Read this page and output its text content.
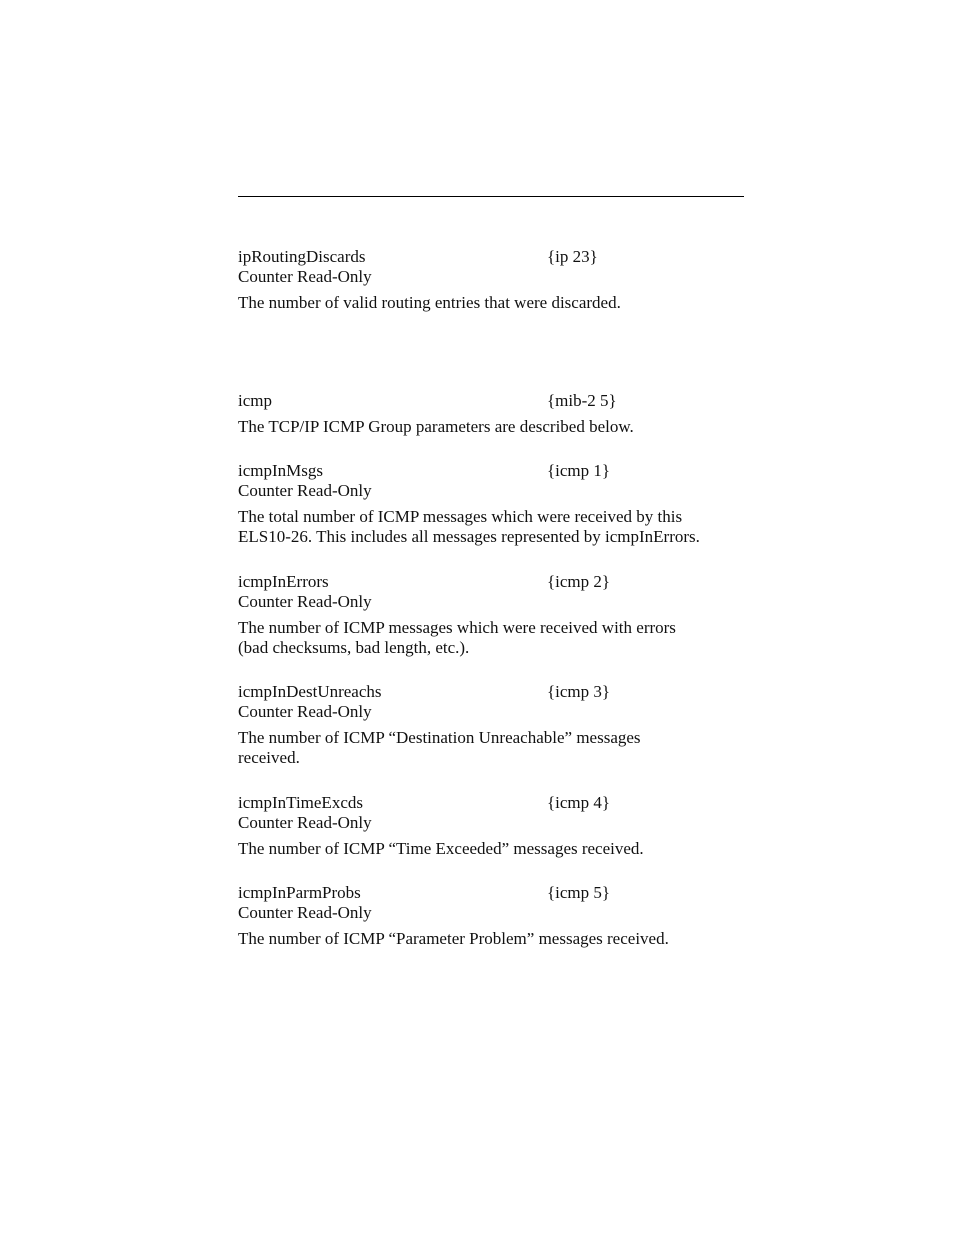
ipRoutingDiscards	{ip 23}
Counter Read-Only
The number of valid routing entries that were discarded.
icmp	{mib-2 5}
The TCP/IP ICMP Group parameters are described below.
icmpInMsgs	{icmp 1}
Counter Read-Only
The total number of ICMP messages which were received by this
ELS10-26. This includes all messages represented by icmpInErrors.
icmpInErrors	{icmp 2}
Counter Read-Only
The number of ICMP messages which were received with errors
(bad checksums, bad length, etc.).
icmpInDestUnreachs	{icmp 3}
Counter Read-Only
The number of ICMP “Destination Unreachable” messages
received.
icmpInTimeExcds	{icmp 4}
Counter Read-Only
The number of ICMP “Time Exceeded” messages received.
icmpInParmProbs	{icmp 5}
Counter Read-Only
The number of ICMP “Parameter Problem” messages received.
